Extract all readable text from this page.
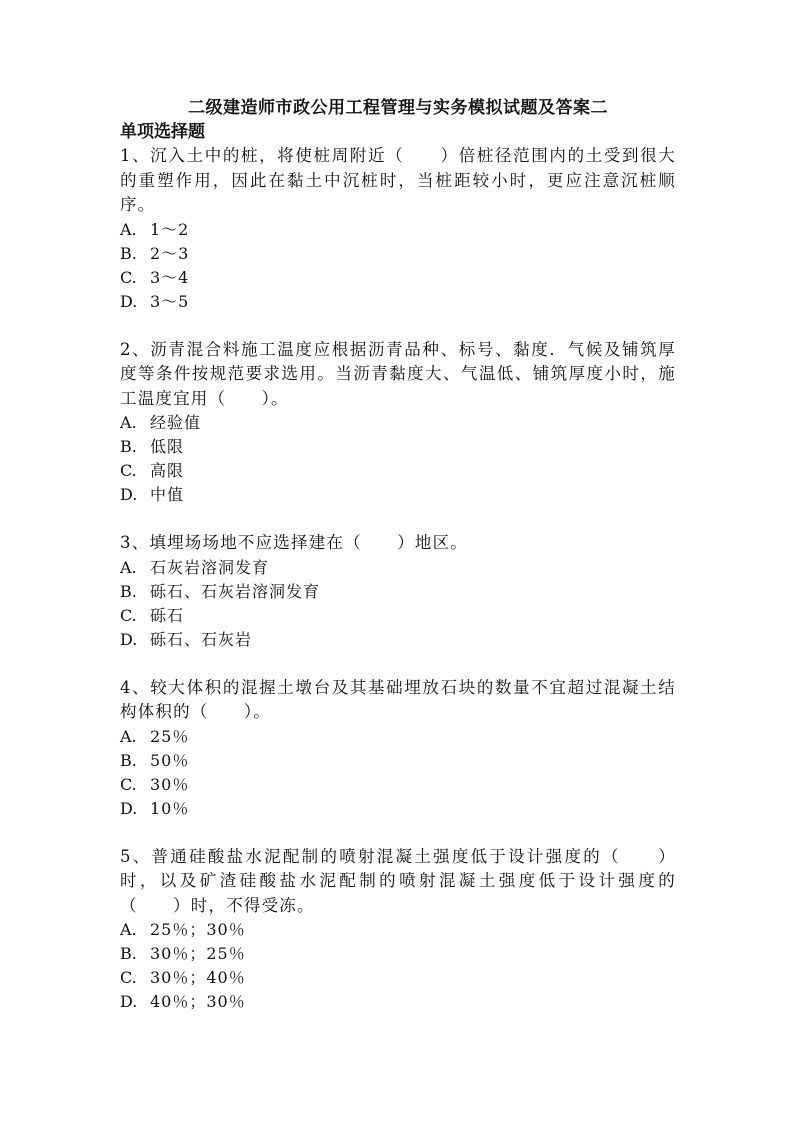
二级建造师市政公用工程管理与实务模拟试题及答案二
单项选择题

1、沉入土中的桩，将使桩周附近（　　）倍桩径范围内的土受到很大的重塑作用，因此在黏土中沉桩时，当桩距较小时，更应注意沉桩顺序。

A. 1～2
B. 2～3
C. 3～4
D. 3～5

2、沥青混合料施工温度应根据沥青品种、标号、黏度．气候及铺筑厚度等条件按规范要求选用。当沥青黏度大、气温低、铺筑厚度小时，施工温度宜用（　　）。

A. 经验值
B. 低限
C. 高限
D. 中值

3、填埋场场地不应选择建在（　　）地区。

A. 石灰岩溶洞发育
B. 砾石、石灰岩溶洞发育
C. 砾石
D. 砾石、石灰岩

4、较大体积的混握土墩台及其基础埋放石块的数量不宜超过混凝土结构体积的（　　）。

A. 25％
B. 50％
C. 30％
D. 10％

5、普通硅酸盐水泥配制的喷射混凝土强度低于设计强度的（　　）时，以及矿渣硅酸盐水泥配制的喷射混凝土强度低于设计强度的（　　）时，不得受冻。

A. 25％；30％
B. 30％；25％
C. 30％；40％
D. 40％；30％
